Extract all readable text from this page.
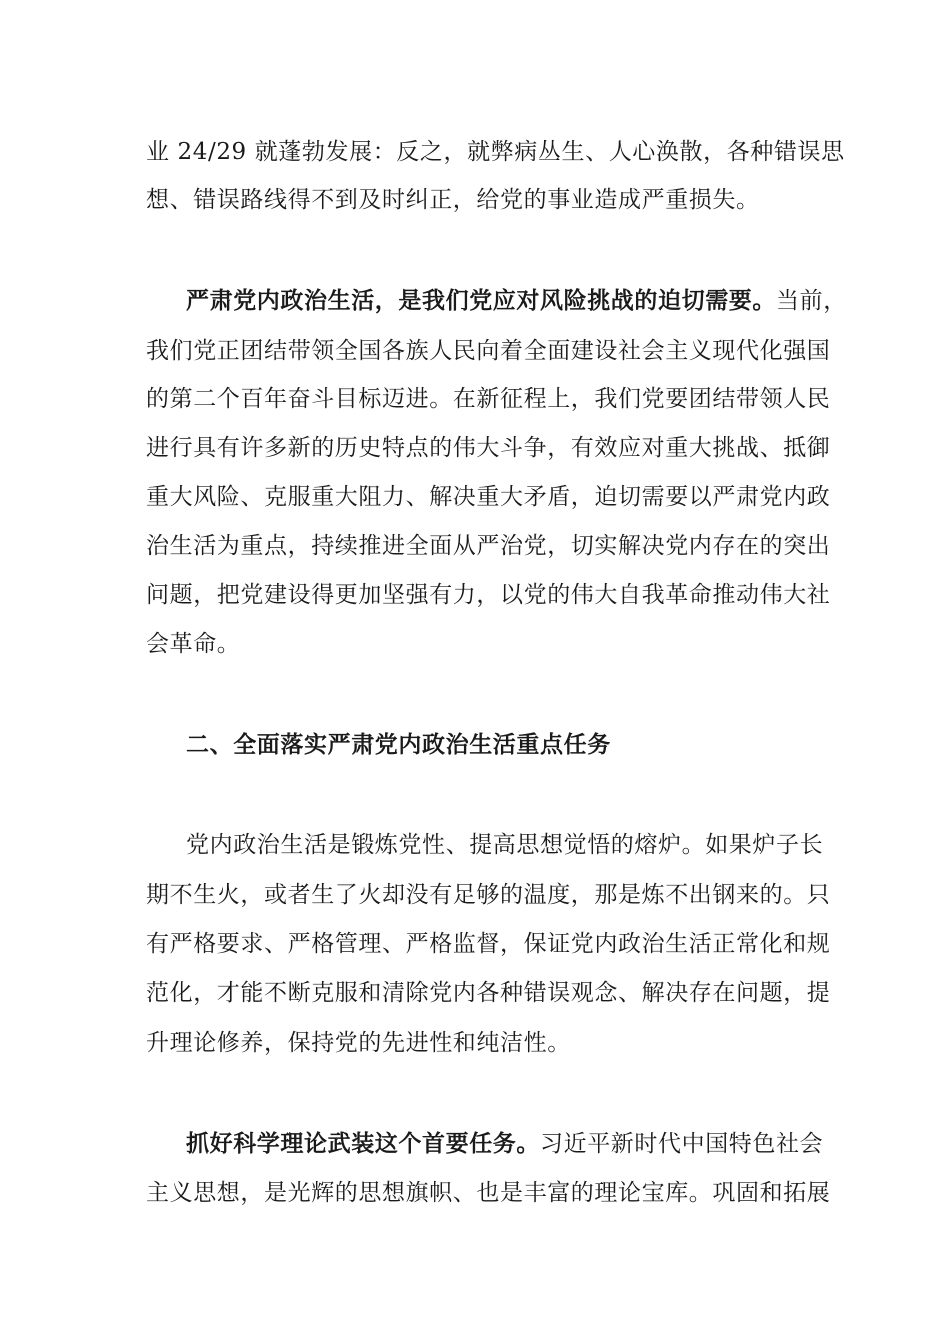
业 24/29 就蓬勃发展：反之，就弊病丛生、人心涣散，各种错误思
想、错误路线得不到及时纠正，给党的事业造成严重损失。
严肃党内政治生活，是我们党应对风险挑战的迫切需要。当前，
我们党正团结带领全国各族人民向着全面建设社会主义现代化强国
的第二个百年奋斗目标迈进。在新征程上，我们党要团结带领人民
进行具有许多新的历史特点的伟大斗争，有效应对重大挑战、抵御
重大风险、克服重大阻力、解决重大矛盾，迫切需要以严肃党内政
治生活为重点，持续推进全面从严治党，切实解决党内存在的突出
问题，把党建设得更加坚强有力，以党的伟大自我革命推动伟大社
会革命。
二、全面落实严肃党内政治生活重点任务
党内政治生活是锻炼党性、提高思想觉悟的熔炉。如果炉子长
期不生火，或者生了火却没有足够的温度，那是炼不出钢来的。只
有严格要求、严格管理、严格监督，保证党内政治生活正常化和规
范化，才能不断克服和清除党内各种错误观念、解决存在问题，提
升理论修养，保持党的先进性和纯洁性。
抓好科学理论武装这个首要任务。习近平新时代中国特色社会
主义思想，是光辉的思想旗帜、也是丰富的理论宝库。巩固和拓展
